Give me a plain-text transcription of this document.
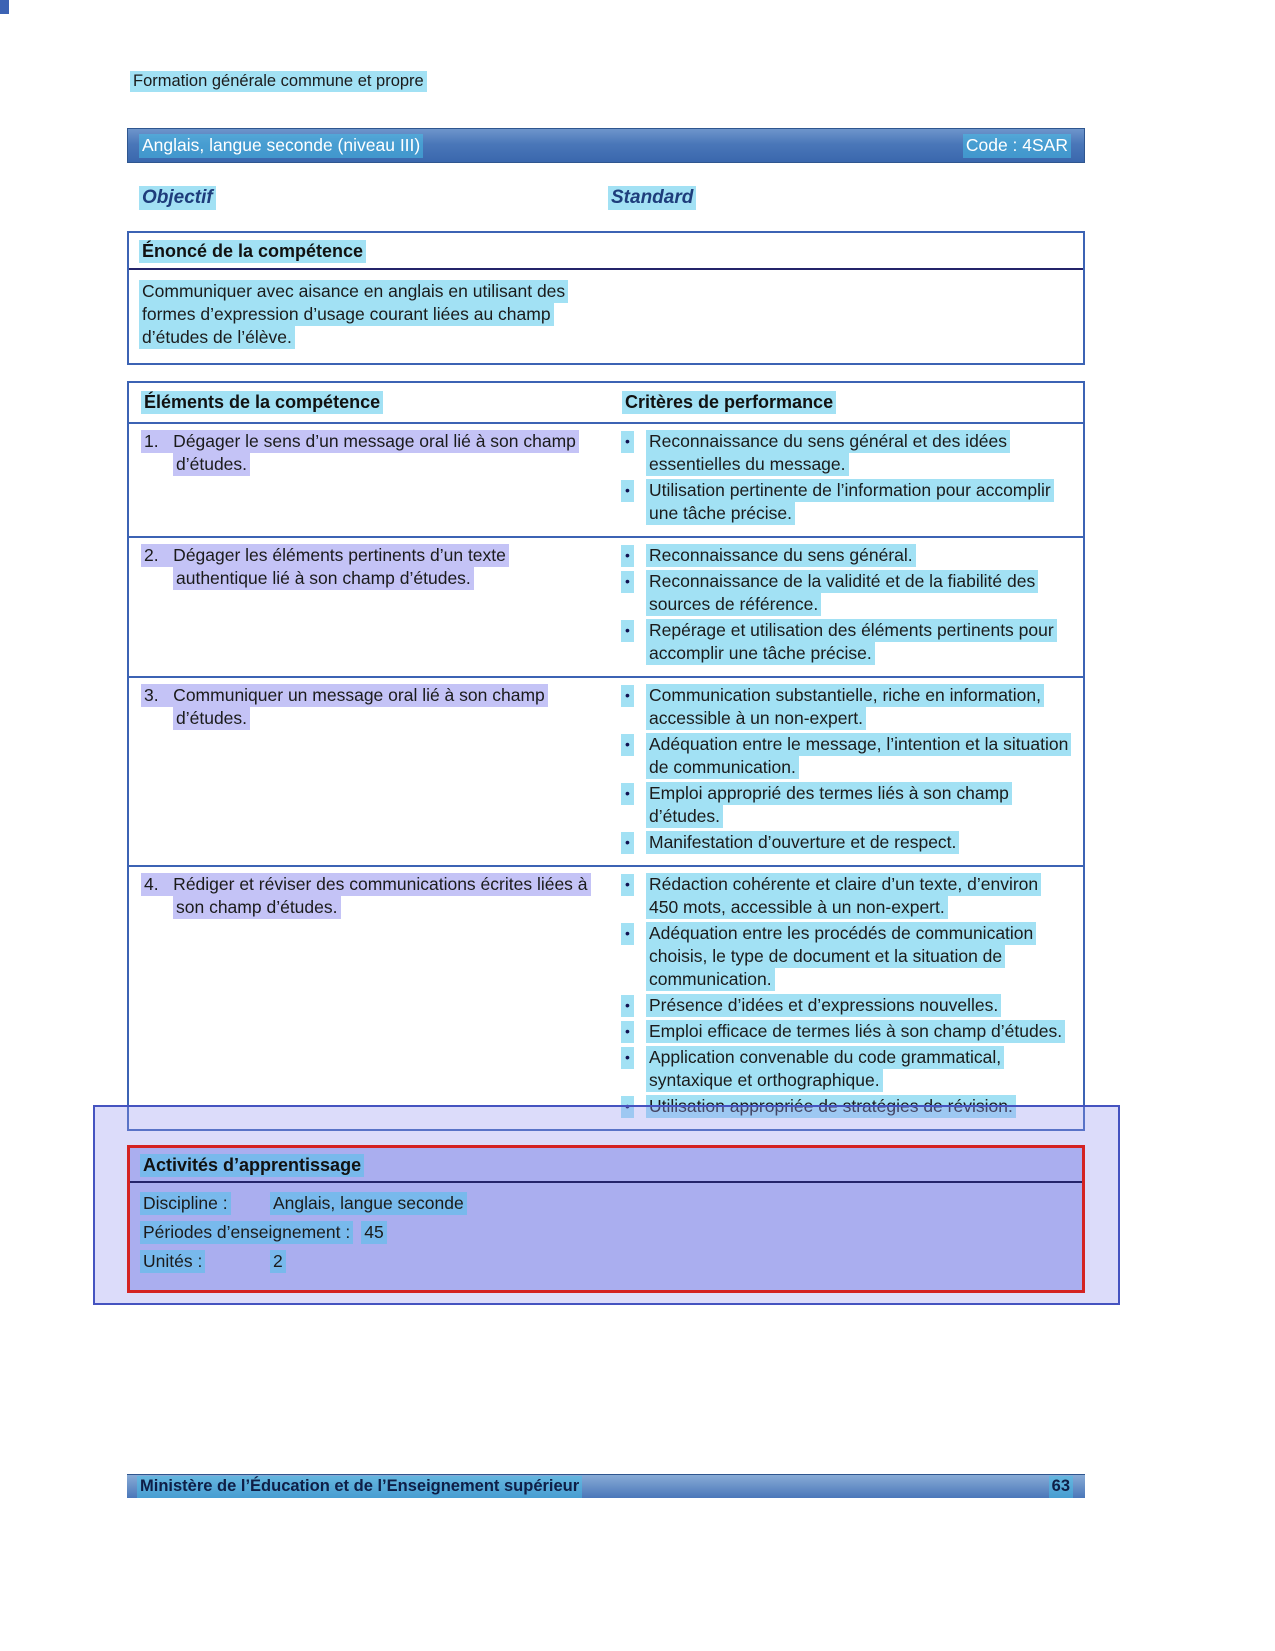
Formation générale commune et propre
Anglais, langue seconde (niveau III)	Code : 4SAR
Objectif	Standard
Énoncé de la compétence
Communiquer avec aisance en anglais en utilisant des formes d’expression d’usage courant liées au champ d’études de l’élève.
Éléments de la compétence	Critères de performance
1.   Dégager le sens d’un message oral lié à son champ d’études.
• Reconnaissance du sens général et des idées essentielles du message.
• Utilisation pertinente de l’information pour accomplir une tâche précise.
2.   Dégager les éléments pertinents d’un texte authentique lié à son champ d’études.
• Reconnaissance du sens général.
• Reconnaissance de la validité et de la fiabilité des sources de référence.
• Repérage et utilisation des éléments pertinents pour accomplir une tâche précise.
3.   Communiquer un message oral lié à son champ d’études.
• Communication substantielle, riche en information, accessible à un non-expert.
• Adéquation entre le message, l’intention et la situation de communication.
• Emploi approprié des termes liés à son champ d’études.
• Manifestation d’ouverture et de respect.
4.   Rédiger et réviser des communications écrites liées à son champ d’études.
• Rédaction cohérente et claire d’un texte, d’environ 450 mots, accessible à un non-expert.
• Adéquation entre les procédés de communication choisis, le type de document et la situation de communication.
• Présence d’idées et d’expressions nouvelles.
• Emploi efficace de termes liés à son champ d’études.
• Application convenable du code grammatical, syntaxique et orthographique.
• Utilisation appropriée de stratégies de révision.
Activités d’apprentissage
Discipline :	Anglais, langue seconde
Périodes d’enseignement : 45
Unités :	2
Ministère de l’Éducation et de l’Enseignement supérieur	63
